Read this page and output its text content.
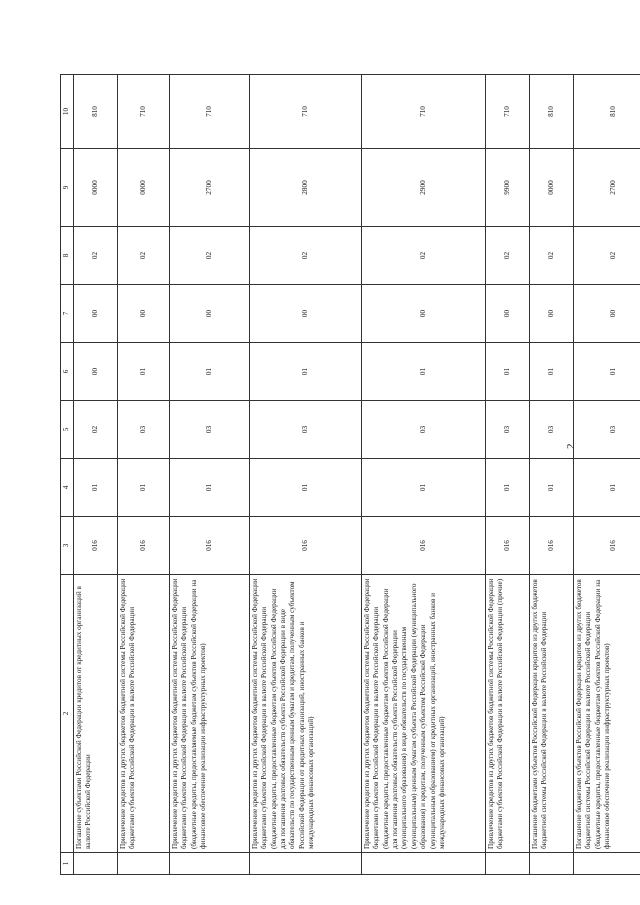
2
1	2	3	4	5	6	7	8	9	10
	Погашение субъектами Российской Федерации кредитов от кредитных организаций в валюте Российской Федерации	016	01	02	00	00	02	0000	810
	Привлечение кредитов из других бюджетов бюджетной системы Российской Федерации бюджетами субъектов Российской Федерации в валюте Российской Федерации	016	01	03	01	00	02	0000	710
	Привлечение кредитов из других бюджетов бюджетной системы Российской Федерации бюджетами субъектов Российской Федерации в валюте Российской Федерации (бюджетные кредиты, предоставляемые бюджетам субъектов Российской Федерации на финансовое обеспечение реализации инфраструктурных проектов)	016	01	03	01	00	02	2700	710
	Привлечение кредитов из других бюджетов бюджетной системы Российской Федерации бюджетами субъектов Российской Федерации в валюте Российской Федерации (бюджетные кредиты, предоставленные бюджетам субъектов Российской Федерации для погашения долговых обязательств субъекта Российской Федерации в виде обязательств по государственным ценным бумагам и кредитам, полученным субъектом Российской Федерации от кредитных организаций, иностранных банков и международных финансовых организаций)	016	01	03	01	00	02	2800	710
	Привлечение кредитов из других бюджетов бюджетной системы Российской Федерации бюджетами субъектов Российской Федерации в валюте Российской Федерации (бюджетные кредиты, предоставленные бюджетам субъектов Российской Федерации для погашения долговых обязательств субъекта Российской Федерации (муниципального образования) в виде обязательств по государственным (муниципальным) ценным бумагам субъекта Российской Федерации (муниципального образования) и кредитам, полученным субъектом Российской Федерации (муниципальным образованием) от кредитных организаций, иностранных банков и международных финансовых организаций)	016	01	03	01	00	02	2900	710
	Привлечение кредитов из других бюджетов бюджетной системы Российской Федерации бюджетами субъектов Российской Федерации в валюте Российской Федерации (прочие)	016	01	03	01	00	02	9900	710
	Погашение бюджетами субъектов Российской Федерации кредитов из других бюджетов бюджетной системы Российской Федерации в валюте Российской Федерации	016	01	03	01	00	02	0000	810
	Погашение бюджетами субъектов Российской Федерации кредитов из других бюджетов бюджетной системы Российской Федерации в валюте Российской Федерации (бюджетные кредиты, предоставленные бюджетам субъектов Российской Федерации на финансовое обеспечение реализации инфраструктурных проектов)	016	01	03	01	00	02	2700	810
